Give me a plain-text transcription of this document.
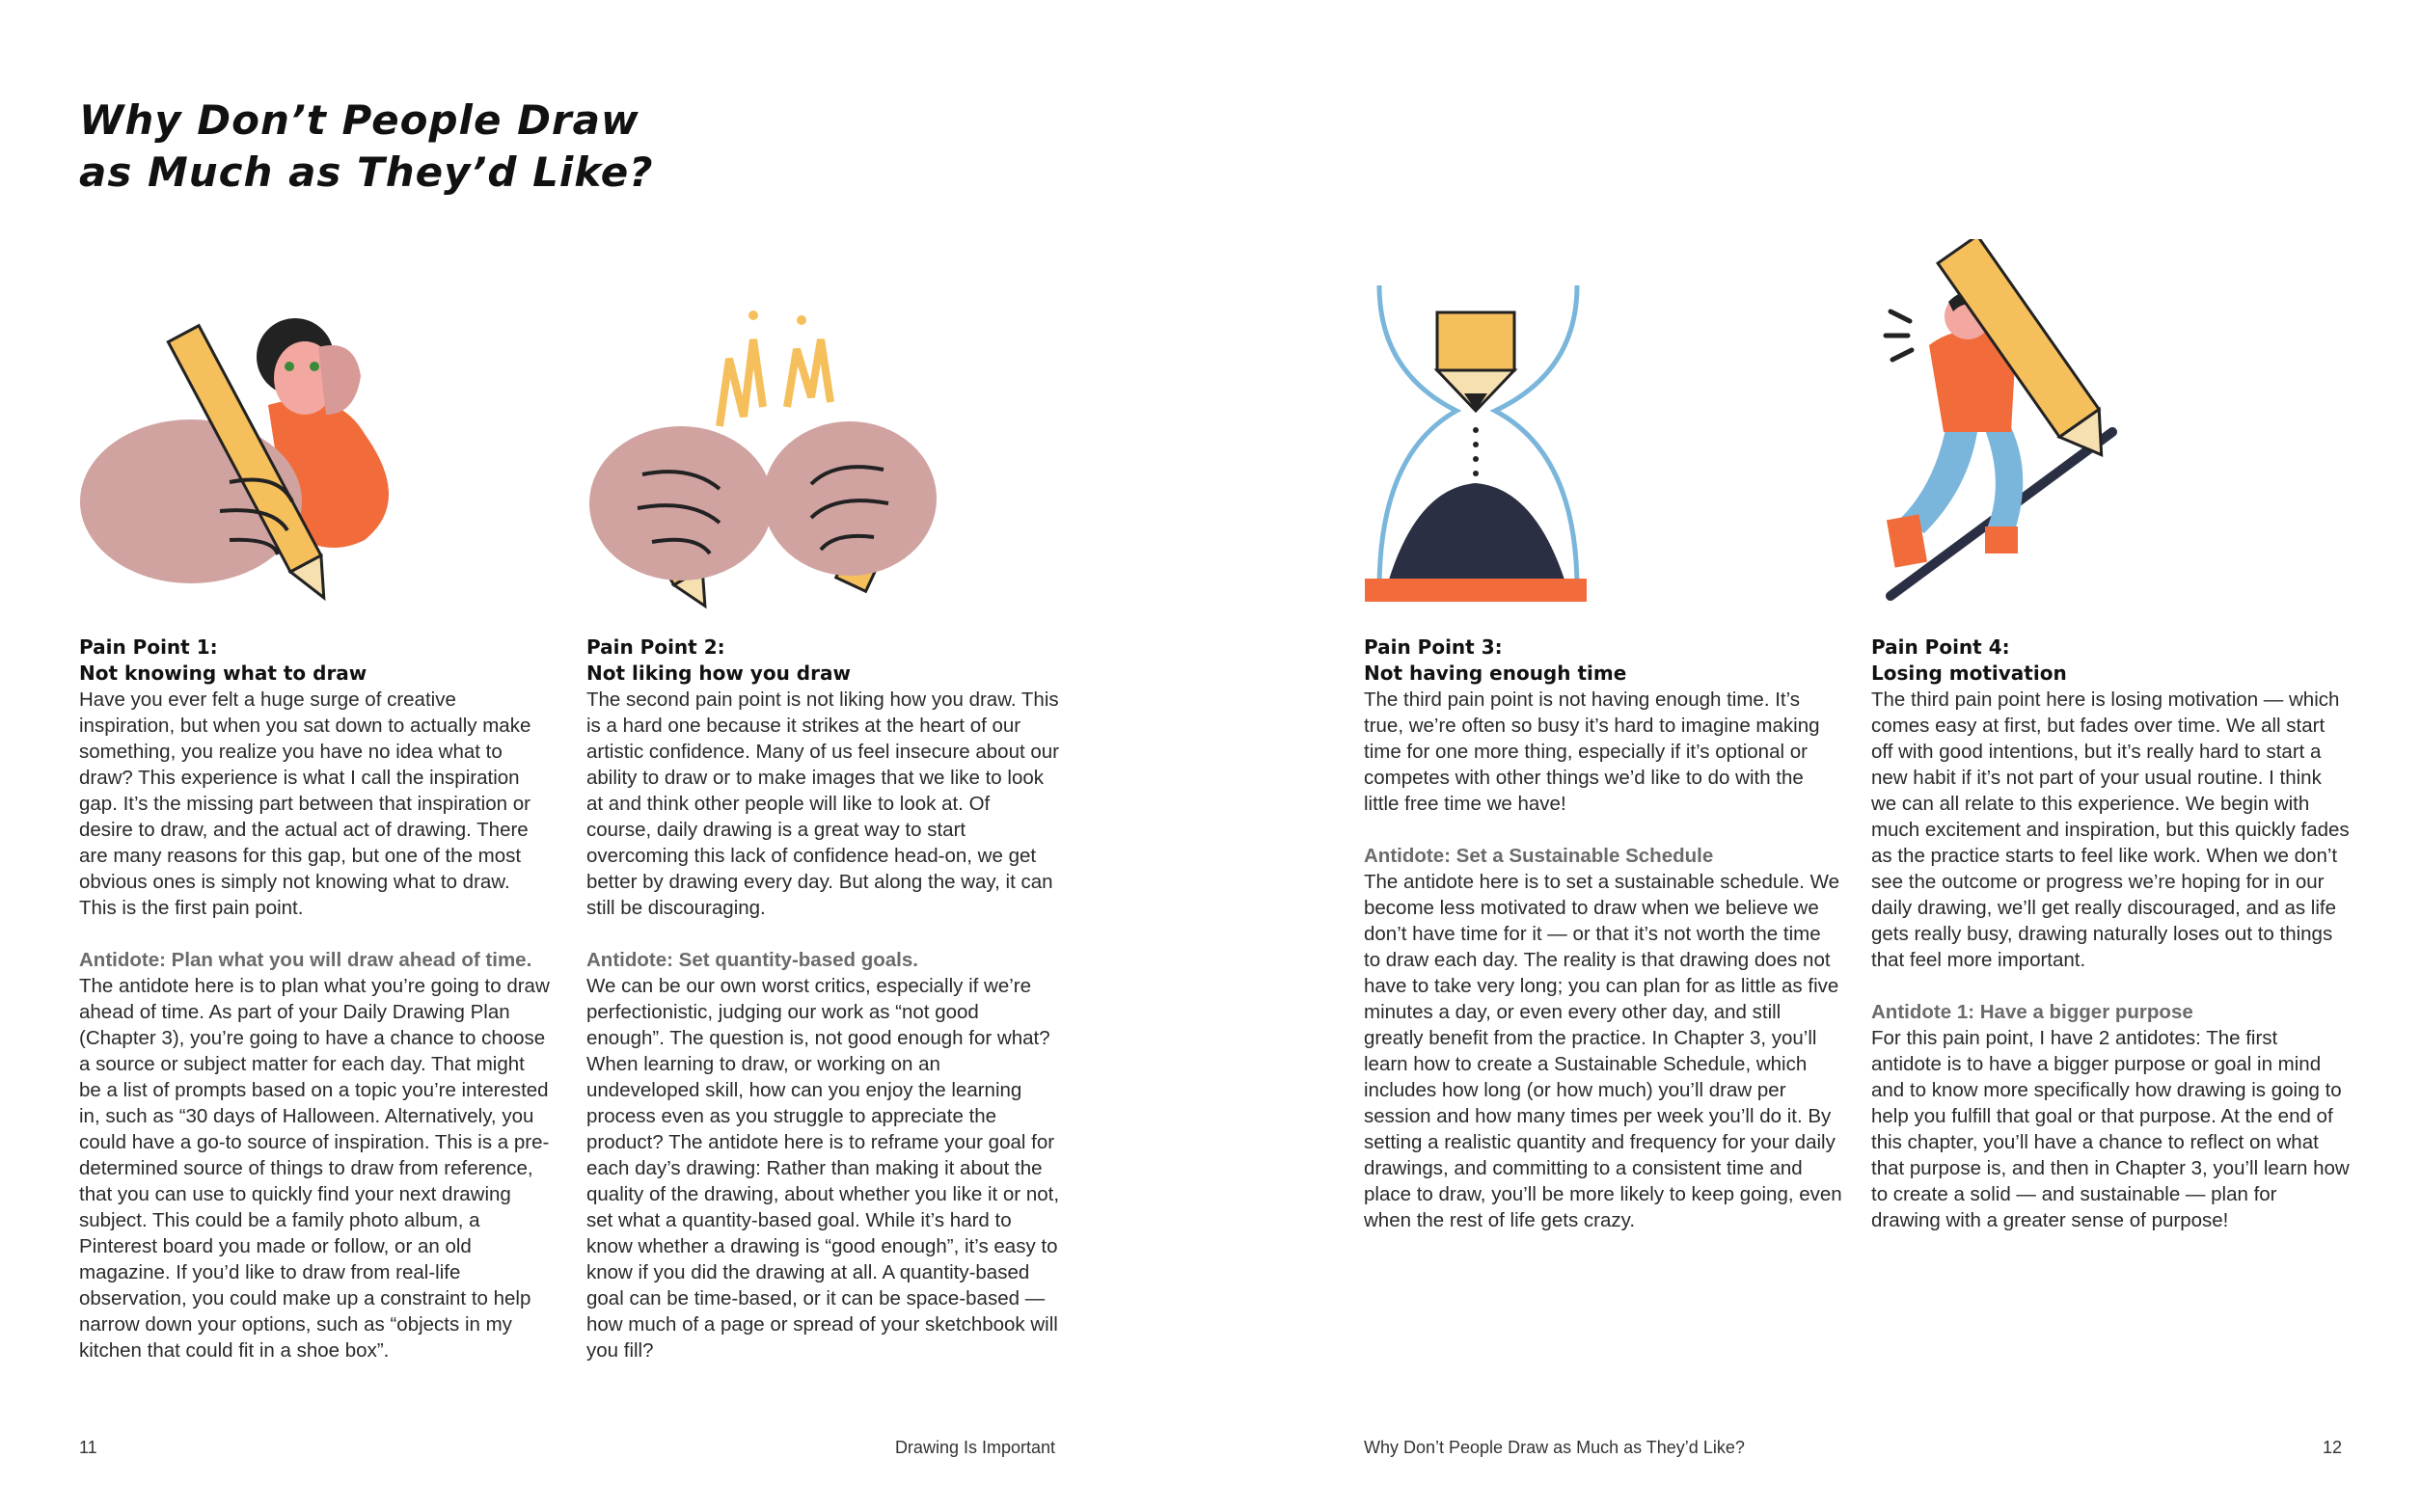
Why Don’t People Draw
as Much as They’d Like?
Pain Point 1:
Not knowing what to draw

Have you ever felt a huge surge of creative inspiration, but when you sat down to actually make something, you realize you have no idea what to draw? This experience is what I call the inspiration gap. It’s the missing part between that inspiration or desire to draw, and the actual act of drawing. There are many reasons for this gap, but one of the most obvious ones is simply not knowing what to draw. This is the first pain point.

Antidote: Plan what you will draw ahead of time.

The antidote here is to plan what you’re going to draw ahead of time. As part of your Daily Drawing Plan (Chapter 3), you’re going to have a chance to choose a source or subject matter for each day. That might be a list of prompts based on a topic you’re interested in, such as “30 days of Halloween. Alternatively, you could have a go-to source of inspiration. This is a pre-determined source of things to draw from reference, that you can use to quickly find your next drawing subject. This could be a family photo album, a Pinterest board you made or follow, or an old magazine. If you’d like to draw from real-life observation, you could make up a constraint to help narrow down your options, such as “objects in my kitchen that could fit in a shoe box”.

Pain Point 2:
Not liking how you draw

The second pain point is not liking how you draw. This is a hard one because it strikes at the heart of our artistic confidence. Many of us feel insecure about our ability to draw or to make images that we like to look at and think other people will like to look at. Of course, daily drawing is a great way to start overcoming this lack of confidence head-on, we get better by drawing every day. But along the way, it can still be discouraging.

Antidote: Set quantity-based goals.

We can be our own worst critics, especially if we’re perfectionistic, judging our work as “not good enough”. The question is, not good enough for what? When learning to draw, or working on an undeveloped skill, how can you enjoy the learning process even as you struggle to appreciate the product? The antidote here is to reframe your goal for each day’s drawing: Rather than making it about the quality of the drawing, about whether you like it or not, set what a quantity-based goal. While it’s hard to know whether a drawing is “good enough”, it’s easy to know if you did the drawing at all. A quantity-based goal can be time-based, or it can be space-based — how much of a page or spread of your sketchbook will you fill?

Pain Point 3:
Not having enough time

The third pain point is not having enough time. It’s true, we’re often so busy it’s hard to imagine making time for one more thing, especially if it’s optional or competes with other things we’d like to do with the little free time we have!

Antidote: Set a Sustainable Schedule

The antidote here is to set a sustainable schedule. We become less motivated to draw when we believe we don’t have time for it — or that it’s not worth the time to draw each day. The reality is that drawing does not have to take very long; you can plan for as little as five minutes a day, or even every other day, and still greatly benefit from the practice. In Chapter 3, you’ll learn how to create a Sustainable Schedule, which includes how long (or how much) you’ll draw per session and how many times per week you’ll do it. By setting a realistic quantity and frequency for your daily drawings, and committing to a consistent time and place to draw, you’ll be more likely to keep going, even when the rest of life gets crazy.

Pain Point 4:
Losing motivation

The third pain point here is losing motivation — which comes easy at first, but fades over time. We all start off with good intentions, but it’s really hard to start a new habit if it’s not part of your usual routine. I think we can all relate to this experience. We begin with much excitement and inspiration, but this quickly fades as the practice starts to feel like work. When we don’t see the outcome or progress we’re hoping for in our daily drawing, we’ll get really discouraged, and as life gets really busy, drawing naturally loses out to things that feel more important.

Antidote 1: Have a bigger purpose

For this pain point, I have 2 antidotes: The first antidote is to have a bigger purpose or goal in mind and to know more specifically how drawing is going to help you fulfill that goal or that purpose. At the end of this chapter, you’ll have a chance to reflect on what that purpose is, and then in Chapter 3, you’ll learn how to create a solid — and sustainable — plan for drawing with a greater sense of purpose!

11	Drawing Is Important	Why Don’t People Draw as Much as They’d Like?	12
